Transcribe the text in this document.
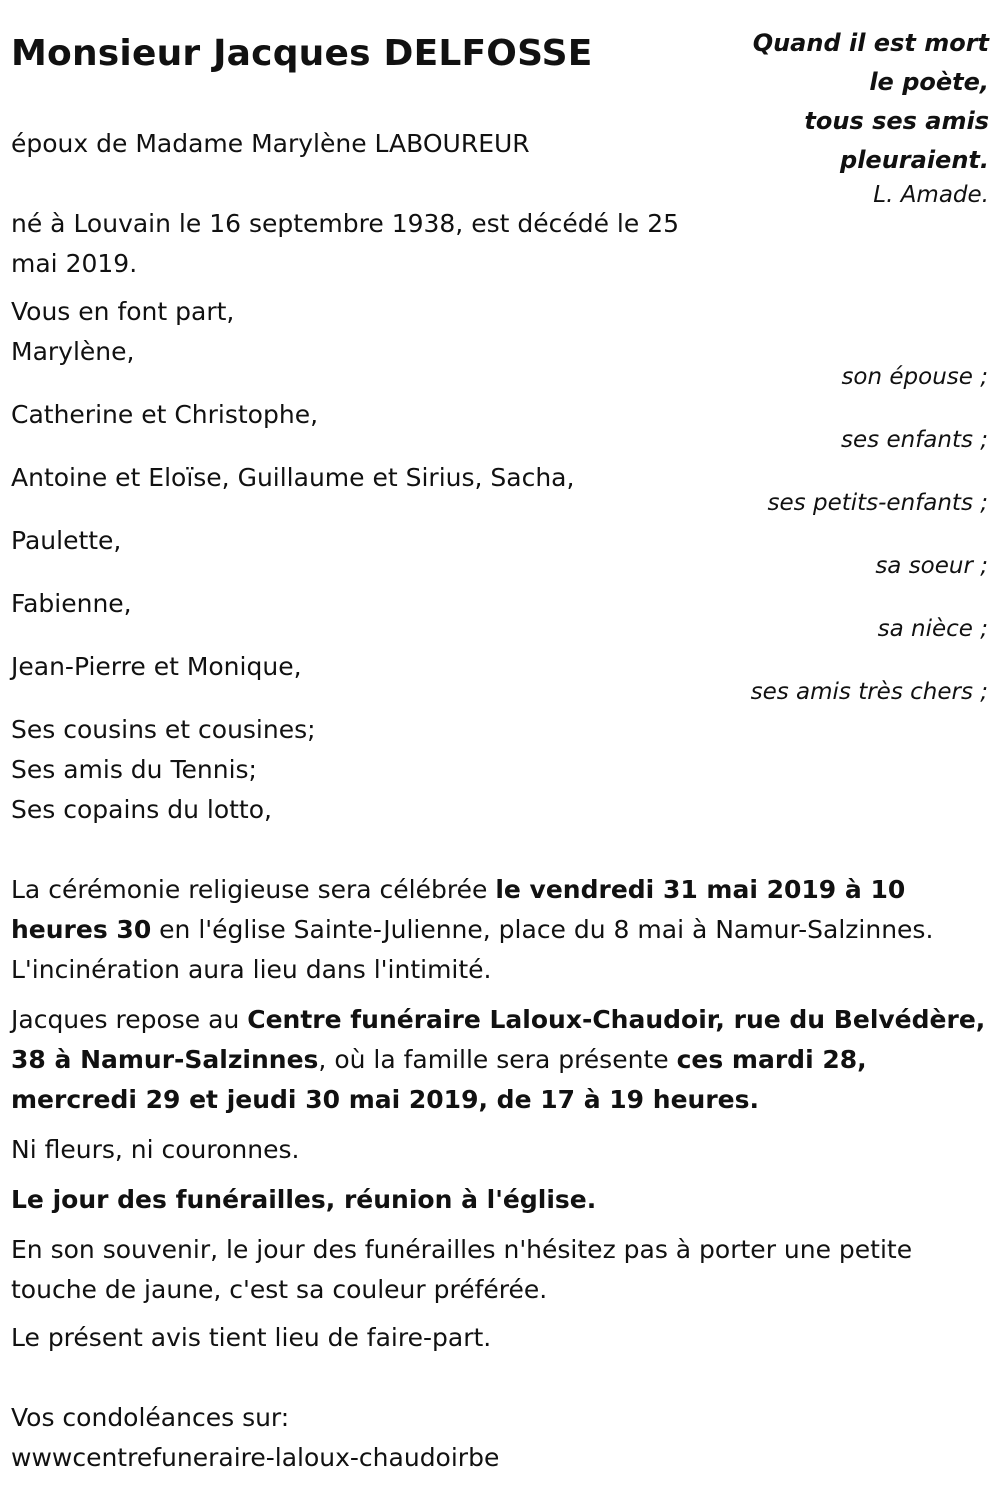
Monsieur Jacques DELFOSSE	Quand il est mort
le poète,
tous ses amis
pleuraient.
L. Amade.

époux de Madame Marylène LABOUREUR

né à Louvain le 16 septembre 1938, est décédé le 25
mai 2019.

Vous en font part,

Marylène,

son épouse ;

Catherine et Christophe,

ses enfants ;

Antoine et Eloïse, Guillaume et Sirius, Sacha,

ses petits-enfants ;

Paulette,

sa soeur ;

Fabienne,

sa nièce ;

Jean-Pierre et Monique,

ses amis très chers ;

Ses cousins et cousines;
Ses amis du Tennis;
Ses copains du lotto,
La cérémonie religieuse sera célébrée le vendredi 31 mai 2019 à 10
heures 30 en l'église Sainte-Julienne, place du 8 mai à Namur-Salzinnes.
L'incinération aura lieu dans l'intimité.
Jacques repose au Centre funéraire Laloux-Chaudoir, rue du Belvédère,
38 à Namur-Salzinnes, où la famille sera présente ces mardi 28,
mercredi 29 et jeudi 30 mai 2019, de 17 à 19 heures.

Ni fleurs, ni couronnes.

Le jour des funérailles, réunion à l'église.

En son souvenir, le jour des funérailles n'hésitez pas à porter une petite
touche de jaune, c'est sa couleur préférée.

Le présent avis tient lieu de faire-part.

Vos condoléances sur:
wwwcentrefuneraire-laloux-chaudoirbe
